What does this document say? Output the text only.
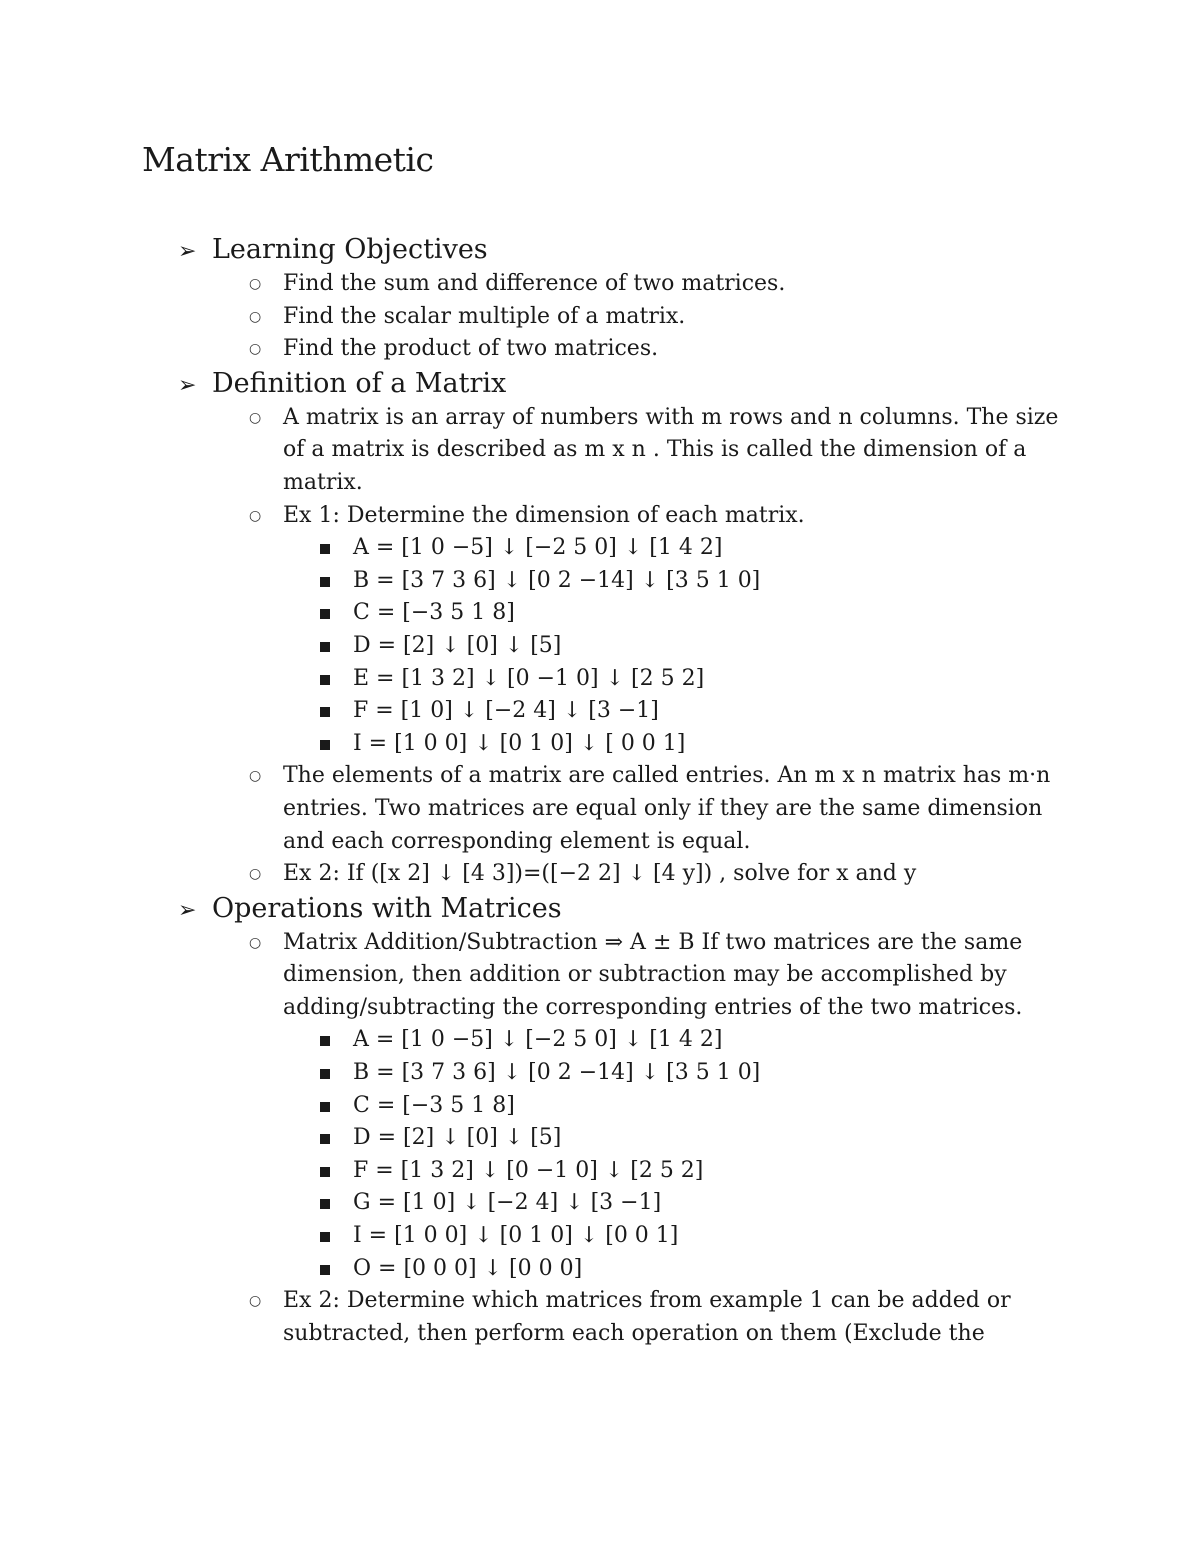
Matrix Arithmetic
➢ Learning Objectives
○ Find the sum and difference of two matrices.
○ Find the scalar multiple of a matrix.
○ Find the product of two matrices.
➢ Definition of a Matrix
○ A matrix is an array of numbers with m rows and n columns. The size of a matrix is described as m x n . This is called the dimension of a matrix.
○ Ex 1: Determine the dimension of each matrix.
A = [1 0 −5] ↓ [−2 5 0] ↓ [1 4 2]
B = [3 7 3 6] ↓ [0 2 −14] ↓ [3 5 1 0]
C = [−3 5 1 8]
D = [2] ↓ [0] ↓ [5]
E = [1 3 2] ↓ [0 −1 0] ↓ [2 5 2]
F = [1 0] ↓ [−2 4] ↓ [3 −1]
I = [1 0 0] ↓ [0 1 0] ↓ [ 0 0 1]
○ The elements of a matrix are called entries. An m x n matrix has m·n entries. Two matrices are equal only if they are the same dimension and each corresponding element is equal.
○ Ex 2: If ([x 2] ↓ [4 3])=([−2 2] ↓ [4 y]) , solve for x and y
➢ Operations with Matrices
○ Matrix Addition/Subtraction ⇒ A ± B If two matrices are the same dimension, then addition or subtraction may be accomplished by adding/subtracting the corresponding entries of the two matrices.
A = [1 0 −5] ↓ [−2 5 0] ↓ [1 4 2]
B = [3 7 3 6] ↓ [0 2 −14] ↓ [3 5 1 0]
C = [−3 5 1 8]
D = [2] ↓ [0] ↓ [5]
F = [1 3 2] ↓ [0 −1 0] ↓ [2 5 2]
G = [1 0] ↓ [−2 4] ↓ [3 −1]
I = [1 0 0] ↓ [0 1 0] ↓ [0 0 1]
O = [0 0 0] ↓ [0 0 0]
○ Ex 2: Determine which matrices from example 1 can be added or subtracted, then perform each operation on them (Exclude the
